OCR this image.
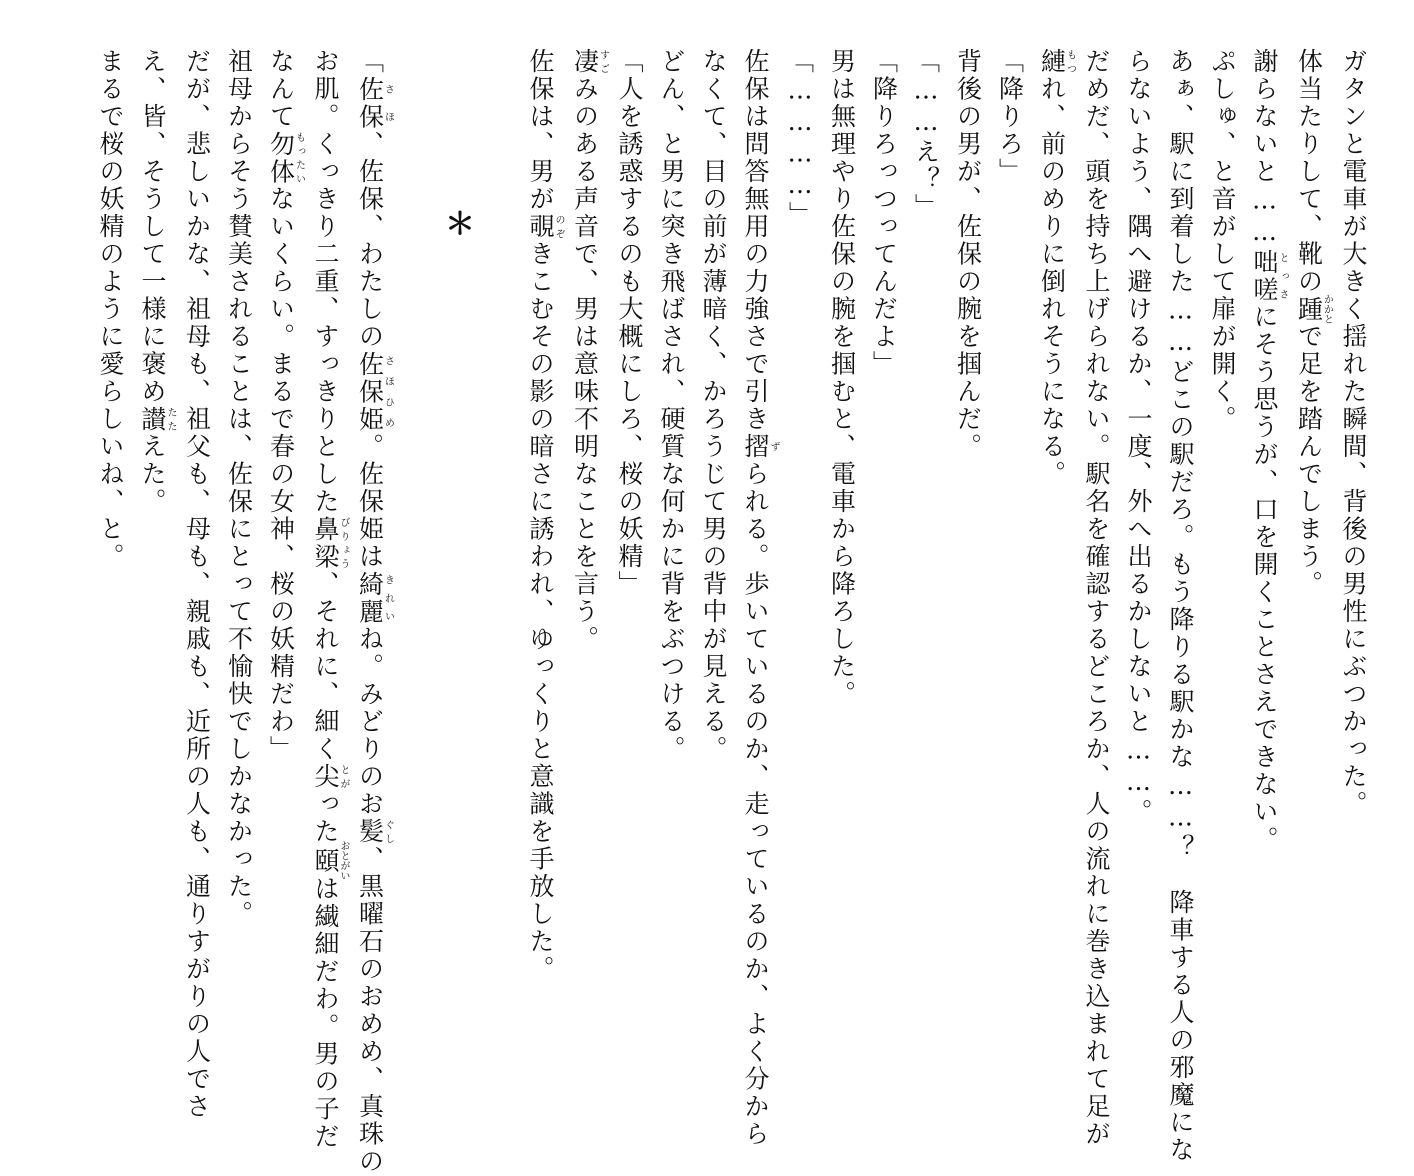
ガタンと電車が大きく揺れた瞬間、背後の男性にぶつかった。

体当たりして、靴の踵かかとで足を踏んでしまう。

謝らないと……咄嗟とっさにそう思うが、口を開くことさえできない。

ぷしゅ、と音がして扉が開く。

あぁ、駅に到着した……どこの駅だろ。もう降りる駅かな……？　降車する人の邪魔にな

らないよう、隅へ避けるか、一度、外へ出るかしないと……。

だめだ、頭を持ち上げられない。駅名を確認するどころか、人の流れに巻き込まれて足が

縺もつれ、前のめりに倒れそうになる。

「降りろ」

背後の男が、佐保の腕を掴んだ。

「……え？」

「降りろっつってんだよ」

男は無理やり佐保の腕を掴むと、電車から降ろした。

「…………」

佐保は問答無用の力強さで引き摺ずられる。歩いているのか、走っているのか、よく分から

なくて、目の前が薄暗く、かろうじて男の背中が見える。

どん、と男に突き飛ばされ、硬質な何かに背をぶつける。

「人を誘惑するのも大概にしろ、桜の妖精」

凄すごみのある声音で、男は意味不明なことを言う。

佐保は、男が覗のぞきこむその影の暗さに誘われ、ゆっくりと意識を手放した。

＊

「佐保さほ、佐保、わたしの佐保姫さほひめ。佐保姫は綺麗きれいね。みどりのお髪ぐし、黒曜石のおめめ、真珠の

お肌。くっきり二重、すっきりとした鼻梁びりょう、それに、細く尖とがった頤おとがいは繊細だわ。男の子だ

なんて勿体もったいないくらい。まるで春の女神、桜の妖精だわ」

祖母からそう賛美されることは、佐保にとって不愉快でしかなかった。

だが、悲しいかな、祖母も、祖父も、母も、親戚も、近所の人も、通りすがりの人でさ

え、皆、そうして一様に褒め讃たたえた。

まるで桜の妖精のように愛らしいね、と。
